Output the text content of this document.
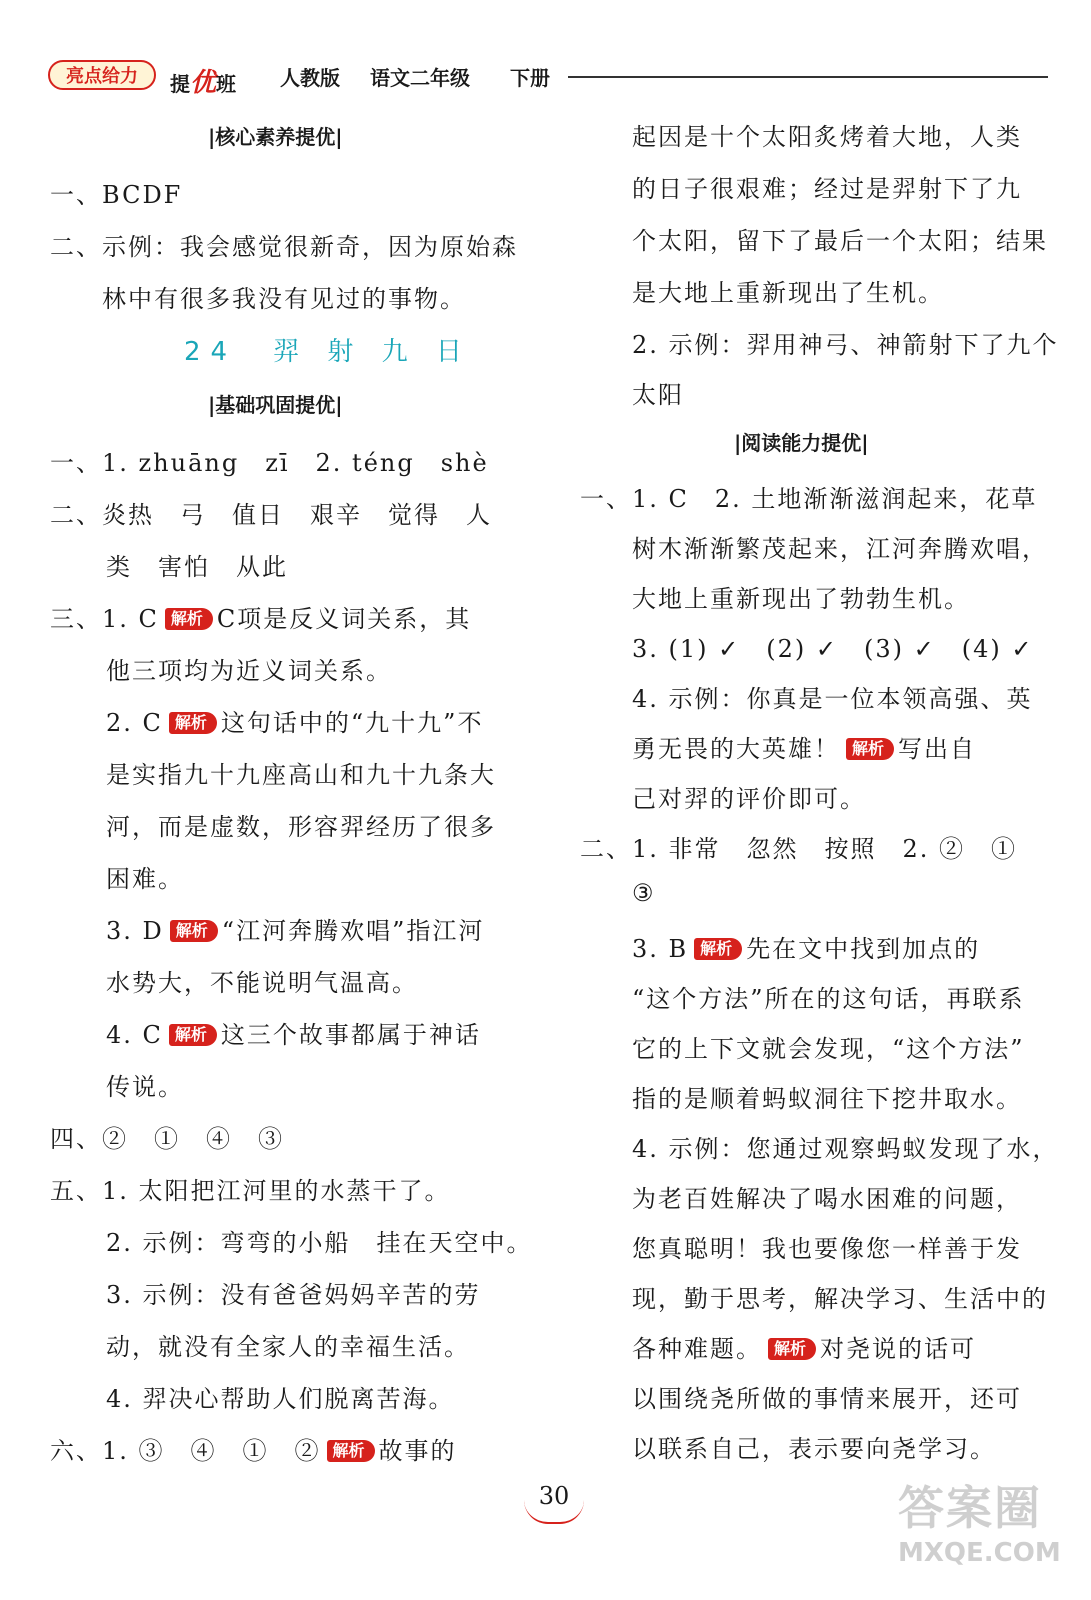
亮点给力	提优班 人教版 语文二年级 下册
|核心素养提优|
一、BCDF
二、示例：我会感觉很新奇，因为原始森
林中有很多我没有见过的事物。
24　羿 射 九 日
|基础巩固提优|
一、1. zhuāng　zī　2. téng　shè
二、炎热　弓　值日　艰辛　觉得　人
类　害怕　从此
三、1. C 解析 C项是反义词关系，其
他三项均为近义词关系。
2. C 解析 这句话中的“九十九”不
是实指九十九座高山和九十九条大
河，而是虚数，形容羿经历了很多
困难。
3. D 解析 “江河奔腾欢唱”指江河
水势大，不能说明气温高。
4. C 解析 这三个故事都属于神话
传说。
四、②　①　④　③
五、1. 太阳把江河里的水蒸干了。
2. 示例：弯弯的小船　挂在天空中。
3. 示例：没有爸爸妈妈辛苦的劳
动，就没有全家人的幸福生活。
4. 羿决心帮助人们脱离苦海。
六、1. ③　④　①　② 解析 故事的
起因是十个太阳炙烤着大地，人类
的日子很艰难；经过是羿射下了九
个太阳，留下了最后一个太阳；结果
是大地上重新现出了生机。
2. 示例：羿用神弓、神箭射下了九个
太阳
|阅读能力提优|
一、1. C　2. 土地渐渐滋润起来，花草
树木渐渐繁茂起来，江河奔腾欢唱，
大地上重新现出了勃勃生机。
3. (1) ✓　(2) ✓　(3) ✓　(4) ✓
4. 示例：你真是一位本领高强、英
勇无畏的大英雄！ 解析 写出自
己对羿的评价即可。
二、1. 非常　忽然　按照　2. ②　①
③
3. B 解析 先在文中找到加点的
“这个方法”所在的这句话，再联系
它的上下文就会发现，“这个方法”
指的是顺着蚂蚁洞往下挖井取水。
4. 示例：您通过观察蚂蚁发现了水，
为老百姓解决了喝水困难的问题，
您真聪明！我也要像您一样善于发
现，勤于思考，解决学习、生活中的
各种难题。 解析 对尧说的话可
以围绕尧所做的事情来展开，还可
以联系自己，表示要向尧学习。
30	答案圈
MXQE.COM
